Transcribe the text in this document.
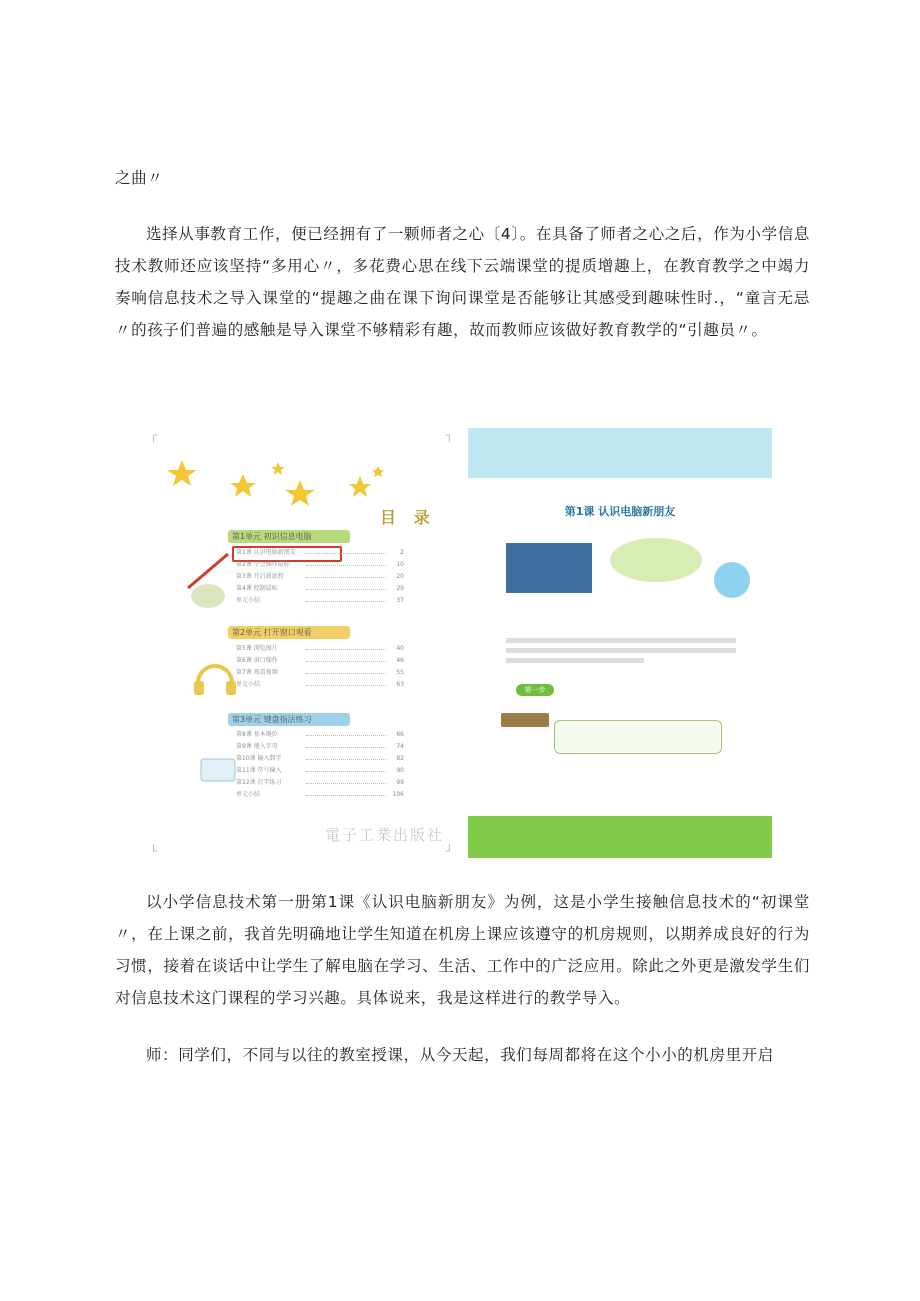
之曲〃
选择从事教育工作，便已经拥有了一颗师者之心〔4〕。在具备了师者之心之后，作为小学信息技术教师还应该坚持“多用心〃，多花费心思在线下云端课堂的提质增趣上，在教育教学之中竭力奏响信息技术之导入课堂的“提趣之曲在课下询问课堂是否能够让其感受到趣味性时.，“童言无忌〃的孩子们普遍的感触是导入课堂不够精彩有趣，故而教师应该做好教育教学的“引趣员〃。
┌	┐
└	┘
目 录
第1单元 初识信息电脑
第1课 认识电脑新朋友	2
第2课 学会操作鼠标	10
第3课 开启新旅程	20
第4课 控制鼠标	29
单元小结	37
第2单元 打开窗口观看
第5课 浏览图片	40
第6课 窗口操作	46
第7课 观看视频	55
单元小结	63
第3单元 键盘指法练习
第8课 基本键位	66
第9课 键入字母	74
第10课 输入数字	82
第11课 符号输入	90
第12课 打字练习	99
单元小结	106
電子工業出版社
第1课 认识电脑新朋友
第一步
以小学信息技术第一册第1课《认识电脑新朋友》为例，这是小学生接触信息技术的“初课堂〃，在上课之前，我首先明确地让学生知道在机房上课应该遵守的机房规则，以期养成良好的行为习惯，接着在谈话中让学生了解电脑在学习、生活、工作中的广泛应用。除此之外更是激发学生们对信息技术这门课程的学习兴趣。具体说来，我是这样进行的教学导入。
师：同学们，不同与以往的教室授课，从今天起，我们每周都将在这个小小的机房里开启
